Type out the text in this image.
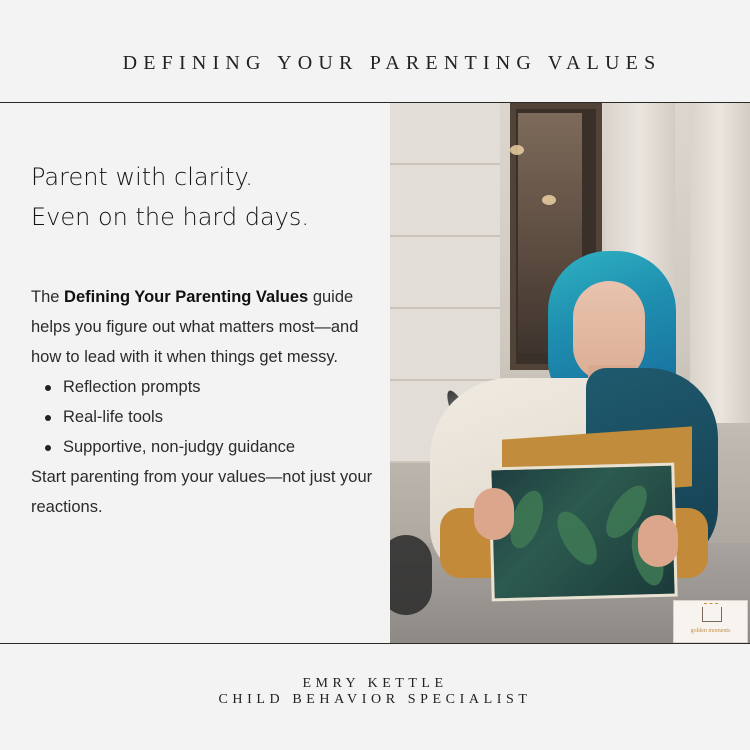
DEFINING YOUR PARENTING VALUES
Parent with clarity.
Even on the hard days.
The Defining Your Parenting Values guide helps you figure out what matters most—and how to lead with it when things get messy.
Reflection prompts
Real-life tools
Supportive, non-judgy guidance
Start parenting from your values—not just your reactions.
golden moments
EMRY KETTLE
CHILD BEHAVIOR SPECIALIST
